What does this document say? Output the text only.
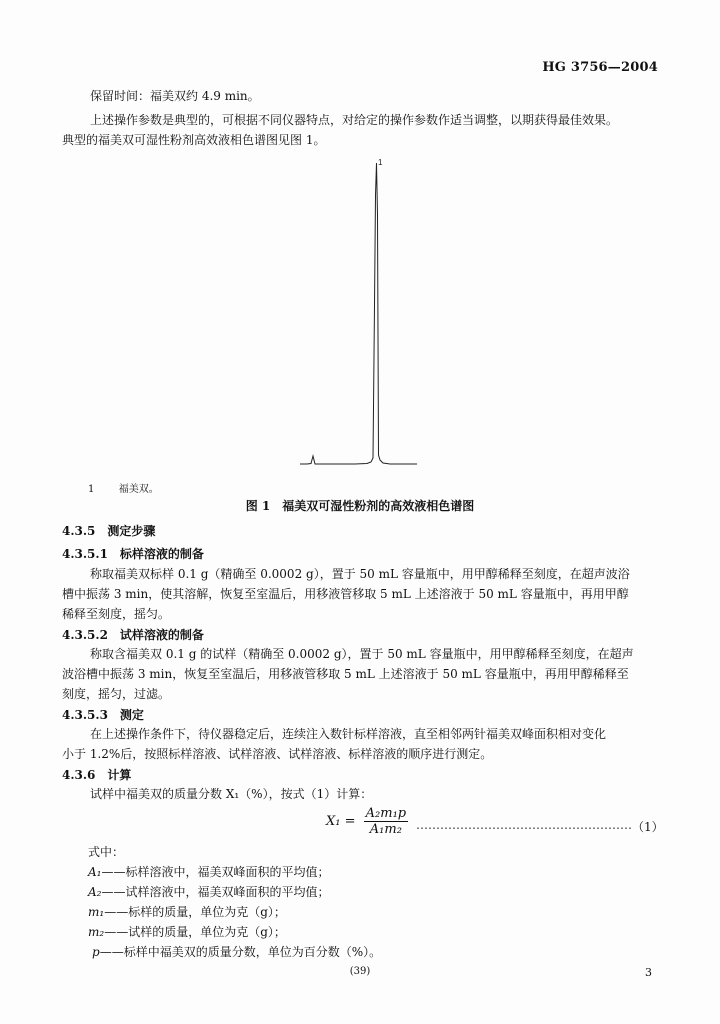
HG 3756—2004
保留时间：福美双约 4.9 min。
上述操作参数是典型的，可根据不同仪器特点，对给定的操作参数作适当调整，以期获得最佳效果。
典型的福美双可湿性粉剂高效液相色谱图见图 1。
1
1 福美双。
图 1　福美双可湿性粉剂的高效液相色谱图
4.3.5　测定步骤
4.3.5.1　标样溶液的制备
称取福美双标样 0.1 g（精确至 0.0002 g），置于 50 mL 容量瓶中，用甲醇稀释至刻度，在超声波浴
槽中振荡 3 min，使其溶解，恢复至室温后，用移液管移取 5 mL 上述溶液于 50 mL 容量瓶中，再用甲醇
稀释至刻度，摇匀。
4.3.5.2　试样溶液的制备
称取含福美双 0.1 g 的试样（精确至 0.0002 g），置于 50 mL 容量瓶中，用甲醇稀释至刻度，在超声
波浴槽中振荡 3 min，恢复至室温后，用移液管移取 5 mL 上述溶液于 50 mL 容量瓶中，再用甲醇稀释至
刻度，摇匀，过滤。
4.3.5.3　测定
在上述操作条件下，待仪器稳定后，连续注入数针标样溶液，直至相邻两针福美双峰面积相对变化
小于 1.2%后，按照标样溶液、试样溶液、试样溶液、标样溶液的顺序进行测定。
4.3.6　计算
试样中福美双的质量分数 X₁（%），按式（1）计算：
$X_1 = \frac{\text{A₂m₁p}}{\text{A₁m₂}}$ ……………………………………………… （1）
式中：
A₁——标样溶液中，福美双峰面积的平均值；
A₂——试样溶液中，福美双峰面积的平均值；
m₁——标样的质量，单位为克（g）；
m₂——试样的质量，单位为克（g）；
p——标样中福美双的质量分数，单位为百分数（%）。
(39)	3
